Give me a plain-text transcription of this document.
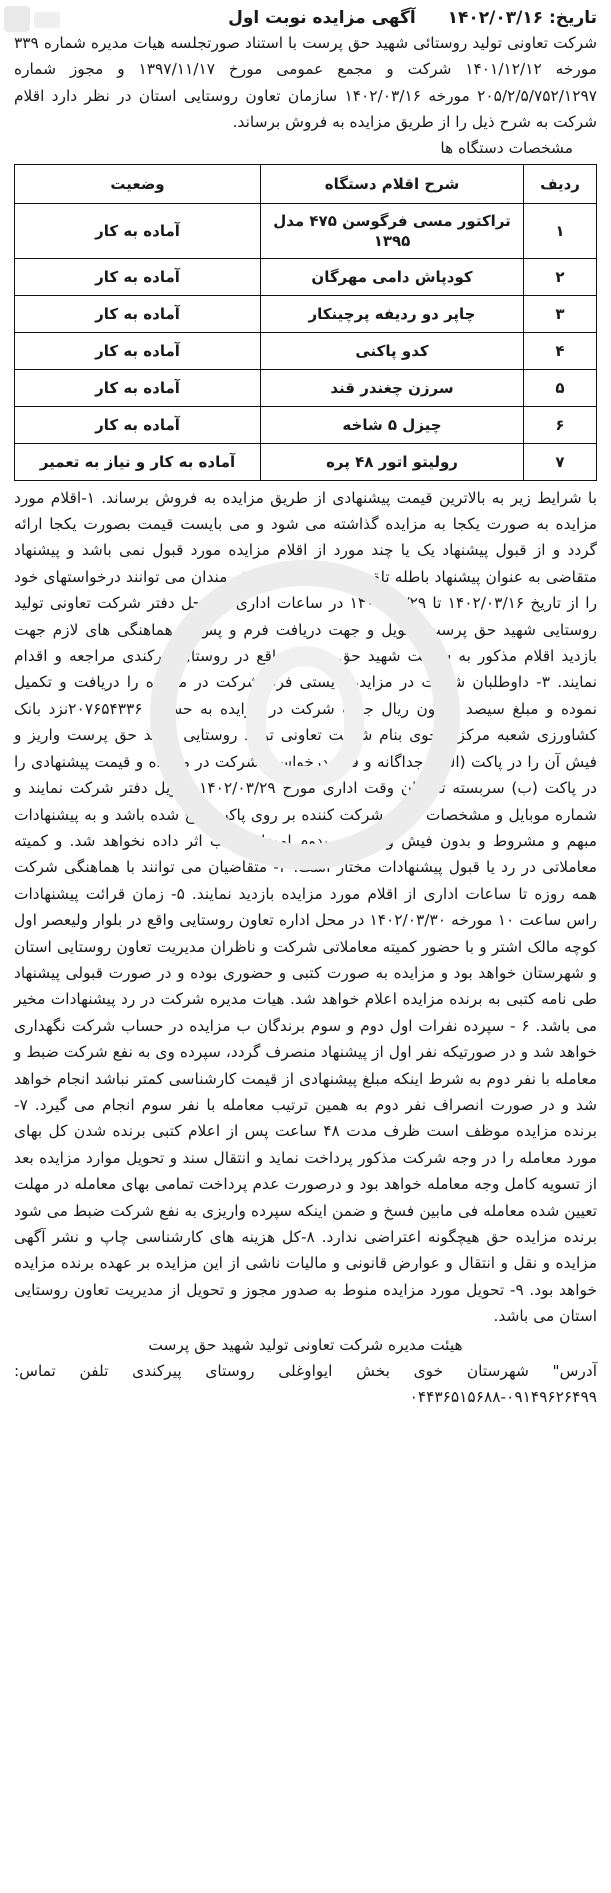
تاریخ: ۱۴۰۲/۰۳/۱۶ آگهی مزایده نوبت اول

شرکت تعاونی تولید روستائی شهید حق پرست با استناد صورتجلسه هیات مدیره شماره ۳۳۹ مورخه ۱۴۰۱/۱۲/۱۲ شرکت و مجمع عمومی مورخ ۱۳۹۷/۱۱/۱۷ و مجوز شماره ۲۰۵/۲/۵/۷۵۲/۱۲۹۷ مورخه ۱۴۰۲/۰۳/۱۶ سازمان تعاون روستایی استان در نظر دارد اقلام شرکت به شرح ذیل را از طریق مزایده به فروش برساند.

مشخصات دستگاه ها
ردیف	شرح اقلام دستگاه	وضعیت
۱	تراکتور مسی فرگوسن ۴۷۵ مدل ۱۳۹۵	آماده به کار
۲	کودپاش دامی مهرگان	آماده به کار
۳	چاپر دو ردیفه پرچینکار	آماده به کار
۴	کدو پاکنی	آماده به کار
۵	سرزن چغندر قند	آماده به کار
۶	چیزل ۵ شاخه	آماده به کار
۷	رولیتو اتور ۴۸ پره	آماده به کار و نیاز به تعمیر

با شرایط زیر به بالاترین قیمت پیشنهادی از طریق مزایده به فروش برساند. ۱-اقلام مورد مزایده به صورت یکجا به مزایده گذاشته می شود و می بایست قیمت بصورت یکجا ارائه گردد و از قبول پیشنهاد یک یا چند مورد از اقلام مزایده مورد قبول نمی باشد و پیشنهاد متقاضی به عنوان پیشنهاد باطله تلقی خواهد شد. ۲-علاقه مندان می توانند درخواستهای خود را از تاریخ ۱۴۰۲/۰۳/۱۶ تا ۱۴۰۲/۰۳/۲۹ در ساعات اداری به محل دفتر شرکت تعاونی تولید روستایی شهید حق پرست تحویل و جهت دریافت فرم و پس از هماهنگی های لازم جهت بازدید اقلام مذکور به شرکت شهید حق پرست واقع در روستای پیرکندی مراجعه و اقدام نمایند. ۳- داوطلبان شرکت در مزایده بایستی فرم شرکت در مزایده را دریافت و تکمیل نموده و مبلغ سیصد میلیون ریال جهت شرکت در مزایده به حساب ۲۰۷۶۵۴۳۳۶نزد بانک کشاورزی شعبه مرکزی خوی بنام شرکت تعاونی تولید روستایی شهید حق پرست واریز و فیش آن را در پاکت (الف) جداگانه و فرم درخواست شرکت در مزایده و قیمت پیشنهادی را در پاکت (ب) سربسته تا پایان وقت اداری مورخ ۱۴۰۲/۰۳/۲۹ تحویل دفتر شرکت نمایند و شماره موبایل و مشخصات کامل شرکت کننده بر روی پاکت درج شده باشد و به پیشنهادات مبهم و مشروط و بدون فیش واریزی و بدوم امضاء ترتیب اثر داده نخواهد شد. و کمیته معاملاتی در رد یا قبول پیشنهادات مختار است. ۴- متقاضیان می توانند با هماهنگی شرکت همه روزه تا ساعات اداری از اقلام مورد مزایده بازدید نمایند. ۵- زمان قرائت پیشنهادات راس ساعت ۱۰ مورخه ۱۴۰۲/۰۳/۳۰ در محل اداره تعاون روستایی واقع در بلوار ولیعصر اول کوچه مالک اشتر و با حضور کمیته معاملاتی شرکت و ناظران مدیریت تعاون روستایی استان و شهرستان خواهد بود و مزایده به صورت کتبی و حضوری بوده و در صورت قبولی پیشنهاد طی نامه کتبی به برنده مزایده اعلام خواهد شد. هیات مدیره شرکت در رد پیشنهادات مخیر می باشد. ۶ - سپرده نفرات اول دوم و سوم برندگان ب مزایده در حساب شرکت نگهداری خواهد شد و در صورتیکه نفر اول از پیشنهاد منصرف گردد، سپرده وی به نفع شرکت ضبط و معامله با نفر دوم به شرط اینکه مبلغ پیشنهادی از قیمت کارشناسی کمتر نباشد انجام خواهد شد و در صورت انصراف نفر دوم به همین ترتیب معامله با نفر سوم انجام می گیرد. ۷- برنده مزایده موظف است ظرف مدت ۴۸ ساعت پس از اعلام کتبی برنده شدن کل بهای مورد معامله را در وجه شرکت مذکور پرداخت نماید و انتقال سند و تحویل موارد مزایده بعد از تسویه کامل وجه معامله خواهد بود و درصورت عدم پرداخت تمامی بهای معامله در مهلت تعیین شده معامله فی مابین فسخ و ضمن اینکه سپرده واریزی به نفع شرکت ضبط می شود برنده مزایده حق هیچگونه اعتراضی ندارد. ۸-کل هزینه های کارشناسی چاپ و نشر آگهی مزایده و نقل و انتقال و عوارض قانونی و مالیات ناشی از این مزایده بر عهده برنده مزایده خواهد بود. ۹- تحویل مورد مزایده منوط به صدور مجوز و تحویل از مدیریت تعاون روستایی استان می باشد.

هیئت مدیره شرکت تعاونی تولید شهید حق پرست
آدرس" شهرستان خوی بخش ایواوغلی روستای پیرکندی تلفن تماس: ۰۹۱۴۹۶۲۶۴۹۹-۰۴۴۳۶۵۱۵۶۸۸
